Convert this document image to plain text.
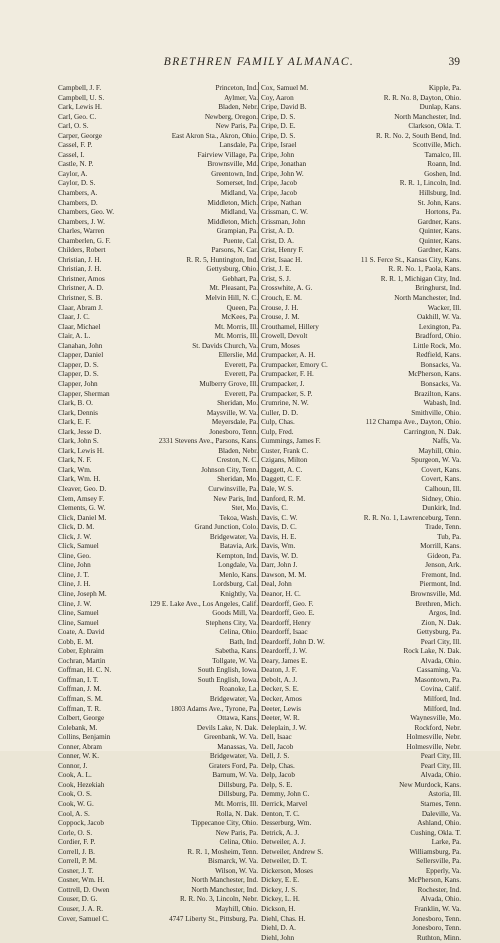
BRETHREN FAMILY ALMANAC.	39
Campbell, J. F.	Princeton, Ind.
Campbell, U. S.	Aylmer, Va.
Cark, Lewis H.	Bladen, Nebr.
Carl, Geo. C.	Newberg, Oregon.
Carl, O. S.	New Paris, Pa.
Carper, George	East Akron Sta., Akron, Ohio.
Cassel, F. P.	Lansdale, Pa.
Cassel, I.	Fairview Village, Pa.
Castle, N. P.	Brownsville, Md.
Caylor, A.	Greentown, Ind.
Caylor, D. S.	Somerset, Ind.
Chambers, A.	Midland, Va.
Chambers, D.	Middleton, Mich.
Chambers, Geo. W.	Midland, Va.
Chambers, J. W.	Middleton, Mich.
Charles, Warren	Grampian, Pa.
Chamberlen, G. F.	Puente, Cal.
Childers, Robert	Parsons, N. Car.
Christian, J. H.	R. R. 5, Huntington, Ind.
Christian, J. H.	Gettysburg, Ohio.
Christner, Amos	Gebhart, Pa.
Christner, A. D.	Mt. Pleasant, Pa.
Christner, S. B.	Melvin Hill, N. C.
Claar, Abram J.	Queen, Pa.
Claar, J. C.	McKees, Pa.
Claar, Michael	Mt. Morris, Ill.
Clair, A. L.	Mt. Morris, Ill.
Clanahan, John	St. Davids Church, Va.
Clapper, Daniel	Ellerslie, Md.
Clapper, D. S.	Everett, Pa.
Clapper, D. S.	Everett, Pa.
Clapper, John	Mulberry Grove, Ill.
Clapper, Sherman	Everett, Pa.
Clark, B. O.	Sheridan, Mo.
Clark, Dennis	Maysville, W. Va.
Clark, E. F.	Meyersdale, Pa.
Clark, Jesse D.	Jonesboro, Tenn.
Clark, John S.	2331 Stevens Ave., Parsons, Kans.
Clark, Lewis H.	Bladen, Nebr.
Clark, N. F.	Creston, N. C.
Clark, Wm.	Johnson City, Tenn.
Clark, Wm. H.	Sheridan, Mo.
Cleaver, Geo. D.	Curwinsville, Pa.
Clem, Amsey F.	New Paris, Ind.
Clements, G. W.	Stet, Mo.
Click, Daniel M.	Tekoa, Wash.
Click, D. M.	Grand Junction, Colo.
Click, J. W.	Bridgewater, Va.
Click, Samuel	Batavia, Ark.
Cline, Geo.	Kempton, Ind.
Cline, John	Longdale, Va.
Cline, J. T.	Menlo, Kans.
Cline, J. H.	Lordsburg, Cal.
Cline, Joseph M.	Knightly, Va.
Cline, J. W.	129 E. Lake Ave., Los Angeles, Calif.
Cline, Samuel	Goods Mill, Va.
Cline, Samuel	Stephens City, Va.
Coate, A. David	Celina, Ohio.
Cobb, E. M.	Bath, Ind.
Cober, Ephraim	Sabetha, Kans.
Cochran, Martin	Tollgate, W. Va.
Coffman, H. C. N.	South English, Iowa.
Coffman, I. T.	South English, Iowa.
Coffman, J. M.	Roanoke, La.
Coffman, S. M.	Bridgewater, Va.
Coffman, T. R.	1803 Adams Ave., Tyrone, Pa.
Colbert, George	Ottawa, Kans.
Colebank, M.	Devils Lake, N. Dak.
Collins, Benjamin	Greenbank, W. Va.
Conner, Abram	Manassas, Va.
Conner, W. K.	Bridgewater, Va.
Connor, J.	Graters Ford, Pa.
Cook, A. L.	Barnum, W. Va.
Cook, Hezekiah	Dillsburg, Pa.
Cook, O. S.	Dillsburg, Pa.
Cook, W. G.	Mt. Morris, Ill.
Cool, A. S.	Rolla, N. Dak.
Coppock, Jacob	Tippecanoe City, Ohio.
Corle, O. S.	New Paris, Pa.
Cordier, F. P.	Celina, Ohio.
Correll, J. B.	R. R. 1, Mosheim, Tenn.
Correll, P. M.	Bismarck, W. Va.
Cosner, J. T.	Wilson, W. Va.
Cosner, Wm. H.	North Manchester, Ind.
Cottrell, D. Owen	North Manchester, Ind.
Couser, D. G.	R. R. No. 3, Lincoln, Nebr.
Couser, J. A. R.	Mayhill, Ohio.
Cover, Samuel C.	4747 Liberty St., Pittsburg, Pa.
Cox, Samuel M.	Kipple, Pa.
Coy, Aaron	R. R. No. 8, Dayton, Ohio.
Cripe, David B.	Dunlap, Kans.
Cripe, D. S.	North Manchester, Ind.
Cripe, D. E.	Clarkson, Okla. T.
Cripe, D. S.	R. R. No. 2, South Bend, Ind.
Cripe, Israel	Scottville, Mich.
Cripe, John	Tamalco, Ill.
Cripe, Jonathan	Roann, Ind.
Cripe, John W.	Goshen, Ind.
Cripe, Jacob	R. R. 1, Lincoln, Ind.
Cripe, Jacob	Hillsburg, Ind.
Cripe, Nathan	St. John, Kans.
Crissman, C. W.	Hortons, Pa.
Crissman, John	Gardner, Kans.
Crist, A. D.	Quinter, Kans.
Crist, D. A.	Quinter, Kans.
Crist, Henry F.	Gardner, Kans.
Crist, Isaac H.	11 S. Ferce St., Kansas City, Kans.
Crist, J. E.	R. R. No. 1, Paola, Kans.
Crist, S. J.	R. R. 1, Michigan City, Ind.
Crosswhite, A. G.	Bringhurst, Ind.
Crouch, E. M.	North Manchester, Ind.
Crouse, J. H.	Wacker, Ill.
Crouse, J. M.	Oakhill, W. Va.
Crouthamel, Hillery	Lexington, Pa.
Crowell, Devolt	Bradford, Ohio.
Crum, Moses	Little Rock, Mo.
Crumpacker, A. H.	Redfield, Kans.
Crumpacker, Emory C.	Bonsacks, Va.
Crumpacker, F. H.	McPherson, Kans.
Crumpacker, J.	Bonsacks, Va.
Crumpacker, S. P.	Brazilton, Kans.
Crumrine, N. W.	Wabash, Ind.
Culler, D. D.	Smithville, Ohio.
Culp, Chas.	112 Champa Ave., Dayton, Ohio.
Culp, Fred.	Carrington, N. Dak.
Cummings, James F.	Naffs, Va.
Custer, Frank C.	Mayhill, Ohio.
Czigans, Milton	Spurgeon, W. Va.
Daggett, A. C.	Covert, Kans.
Daggett, C. F.	Covert, Kans.
Dale, W. S.	Calhoun, Ill.
Danford, R. M.	Sidney, Ohio.
Davis, C.	Dunkirk, Ind.
Davis, C. W.	R. R. No. 1, Lawrenceburg, Tenn.
Davis, D. C.	Trade, Tenn.
Davis, H. E.	Tub, Pa.
Davis, Wm.	Morrill, Kans.
Davis, W. D.	Gideon, Pa.
Darr, John J.	Jenson, Ark.
Dawson, M. M.	Fremont, Ind.
Deal, John	Piermont, Ind.
Deanor, H. C.	Brownsville, Md.
Deardorff, Geo. F.	Brethren, Mich.
Deardorff, Geo. E.	Argos, Ind.
Deardorff, Henry	Zion, N. Dak.
Deardorff, Isaac	Gettysburg, Pa.
Deardorff, John D. W.	Pearl City, Ill.
Deardorff, J. W.	Rock Lake, N. Dak.
Deary, James E.	Alvada, Ohio.
Deaton, J. F.	Cassaming, Va.
Debolt, A. J.	Masontown, Pa.
Decker, S. E.	Covina, Calif.
Decker, Amos	Milford, Ind.
Deeter, Lewis	Milford, Ind.
Deeter, W. R.	Waynesville, Mo.
Deleplain, J. W.	Rockford, Nebr.
Dell, Isaac	Holmesville, Nebr.
Dell, Jacob	Holmesville, Nebr.
Dell, J. S.	Pearl City, Ill.
Delp, Chas.	Pearl City, Ill.
Delp, Jacob	Alvada, Ohio.
Delp, S. E.	New Murdock, Kans.
Demmy, John C.	Astoria, Ill.
Derrick, Marvel	Starnes, Tenn.
Denton, T. C.	Daleville, Va.
Desserburg, Wm.	Ashland, Ohio.
Detrick, A. J.	Cushing, Okla. T.
Detweiler, A. J.	Larke, Pa.
Detweiler, Andrew S.	Williamsburg, Pa.
Detweiler, D. T.	Sellersville, Pa.
Dickerson, Moses	Epperly, Va.
Dickey, E. E.	McPherson, Kans.
Dickey, J. S.	Rochester, Ind.
Dickey, L. H.	Alvada, Ohio.
Dickson, H.	Franklin, W. Va.
Diehl, Chas. H.	Jonesboro, Tenn.
Diehl, D. A.	Jonesboro, Tenn.
Diehl, John	Ruthton, Minn.
